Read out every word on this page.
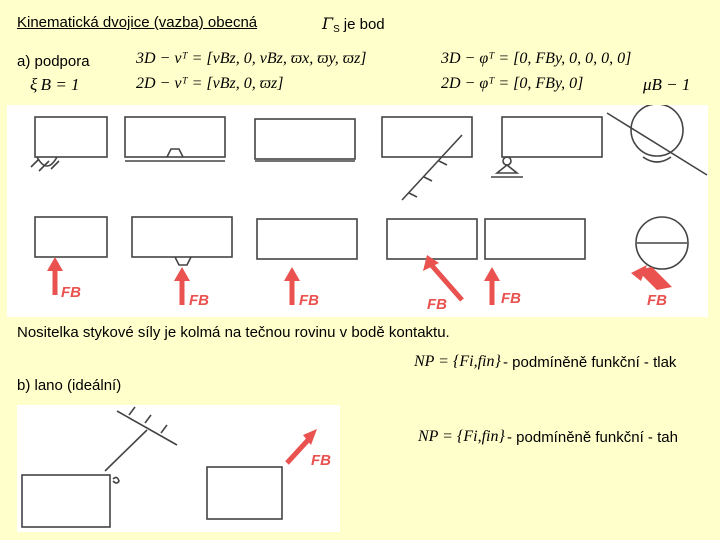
Kinematická dvojice (vazba) obecná	$\Gamma_S$ je bod
a) podpora
ξ B = 1
3D − vᵀ = [vBz, 0, vBz, ϖx, ϖy, ϖz]
2D − vᵀ = [vBz, 0, ϖz]
3D − φᵀ = [0, FBy, 0, 0, 0, 0]
2D − φᵀ = [0, FBy, 0]	μB − 1
FB	FB	FB	FB	FB	FB
Nositelka stykové síly je kolmá na tečnou rovinu v bodě kontaktu.
NP = {Fi,fin} - podmíněně funkční - tlak
b) lano (ideální)
FB
NP = {Fi,fin} - podmíněně funkční - tah
